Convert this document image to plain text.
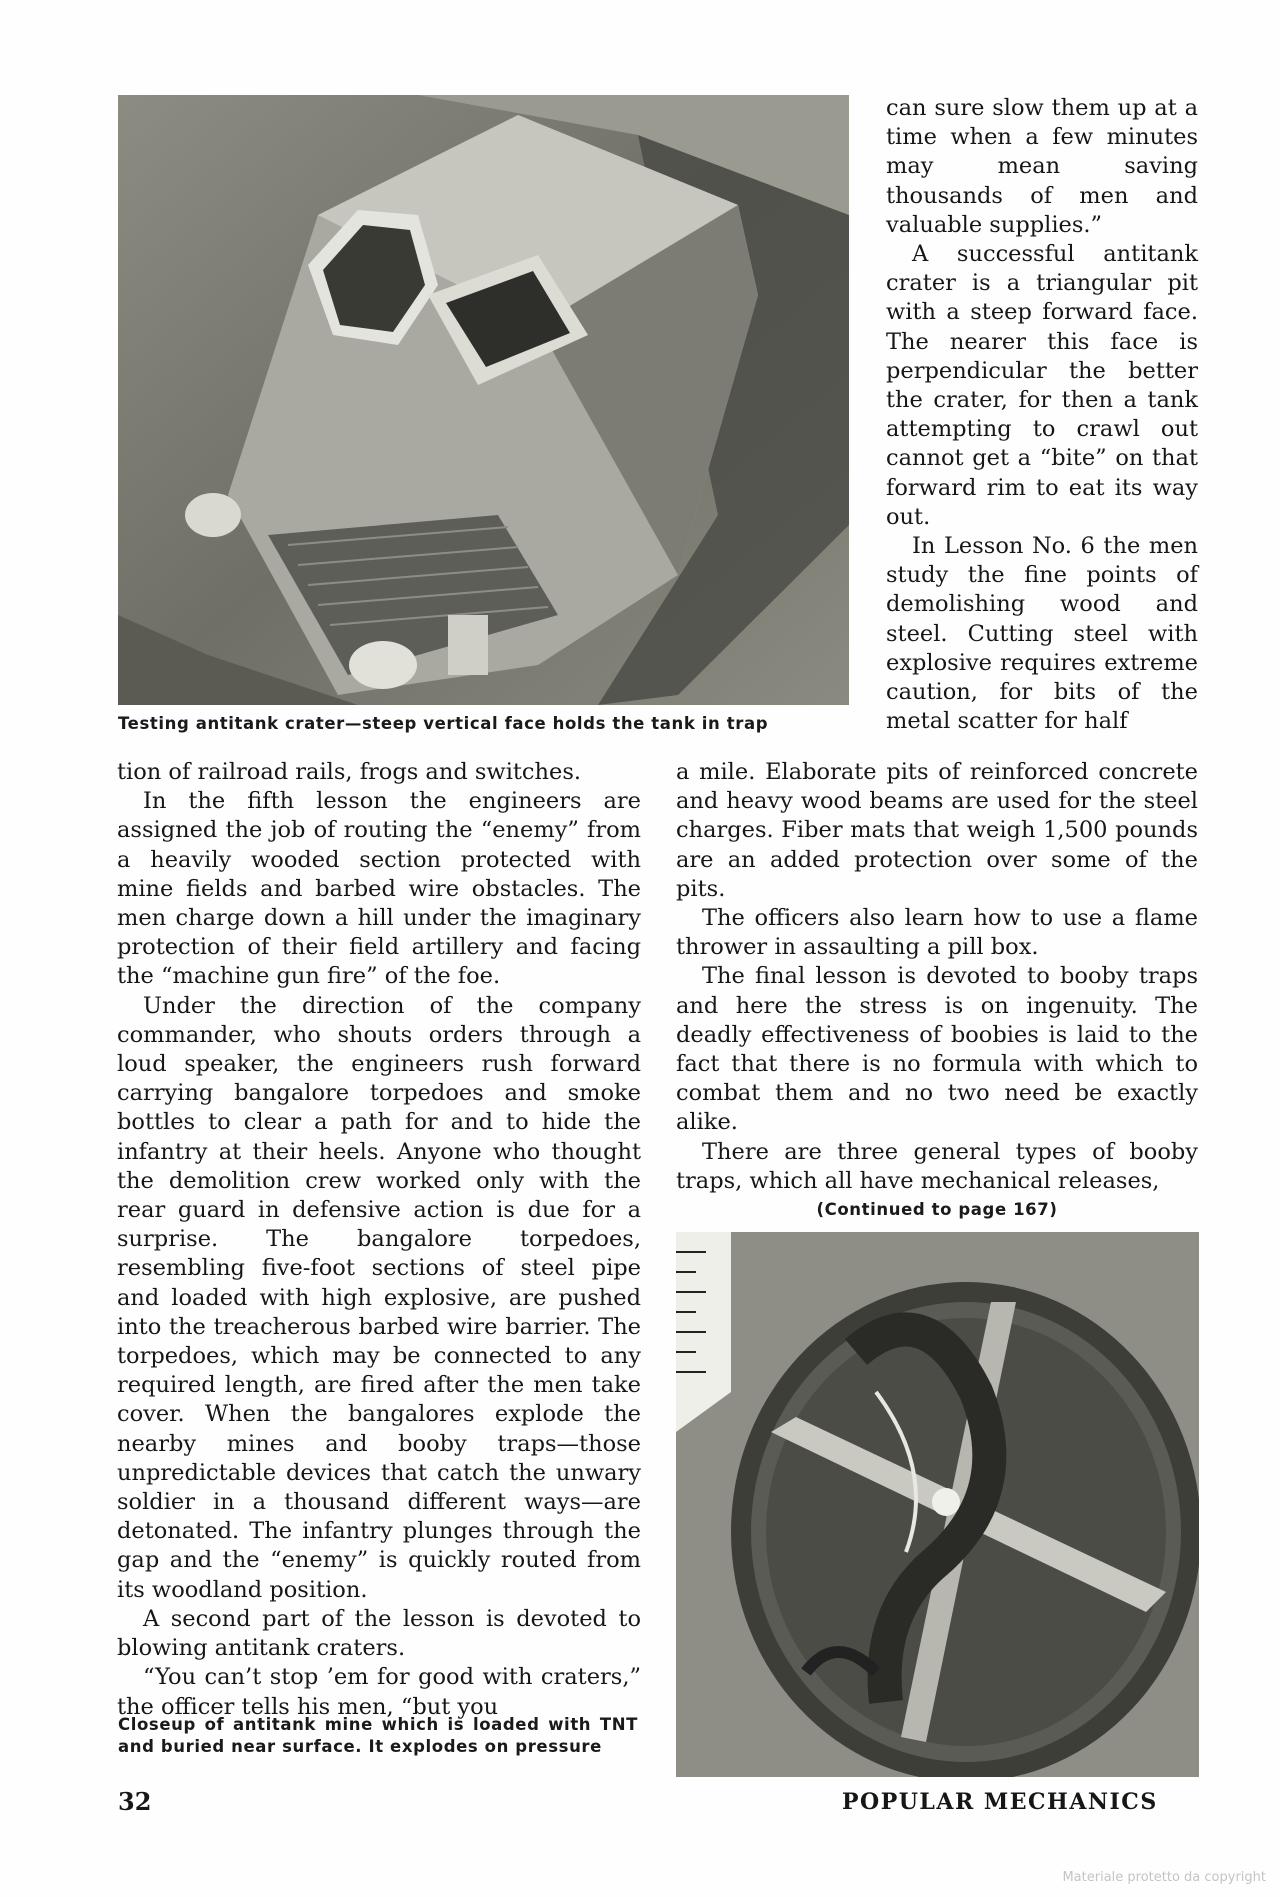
Testing antitank crater—steep vertical face holds the tank in trap

can sure slow them up at a time when a few minutes may mean saving thousands of men and valuable supplies.”

A successful antitank crater is a triangular pit with a steep forward face. The nearer this face is perpendicular the better the crater, for then a tank attempting to crawl out cannot get a “bite” on that forward rim to eat its way out.

In Lesson No. 6 the men study the fine points of demolishing wood and steel. Cutting steel with explosive requires extreme caution, for bits of the metal scatter for half

tion of railroad rails, frogs and switches.

In the fifth lesson the engineers are assigned the job of routing the “enemy” from a heavily wooded section protected with mine fields and barbed wire obstacles. The men charge down a hill under the imaginary protection of their field artillery and facing the “machine gun fire” of the foe.

Under the direction of the company commander, who shouts orders through a loud speaker, the engineers rush forward carrying bangalore torpedoes and smoke bottles to clear a path for and to hide the infantry at their heels. Anyone who thought the demolition crew worked only with the rear guard in defensive action is due for a surprise. The bangalore torpedoes, resembling five-foot sections of steel pipe and loaded with high explosive, are pushed into the treacherous barbed wire barrier. The torpedoes, which may be connected to any required length, are fired after the men take cover. When the bangalores explode the nearby mines and booby traps—those unpredictable devices that catch the unwary soldier in a thousand different ways—are detonated. The infantry plunges through the gap and the “enemy” is quickly routed from its woodland position.

A second part of the lesson is devoted to blowing antitank craters.

“You can’t stop ’em for good with craters,” the officer tells his men, “but you

a mile. Elaborate pits of reinforced concrete and heavy wood beams are used for the steel charges. Fiber mats that weigh 1,500 pounds are an added protection over some of the pits.

The officers also learn how to use a flame thrower in assaulting a pill box.

The final lesson is devoted to booby traps and here the stress is on ingenuity. The deadly effectiveness of boobies is laid to the fact that there is no formula with which to combat them and no two need be exactly alike.

There are three general types of booby traps, which all have mechanical releases,

(Continued to page 167)

Closeup of antitank mine which is loaded with TNT and buried near surface. It explodes on pressure

32	POPULAR MECHANICS
Materiale protetto da copyright
